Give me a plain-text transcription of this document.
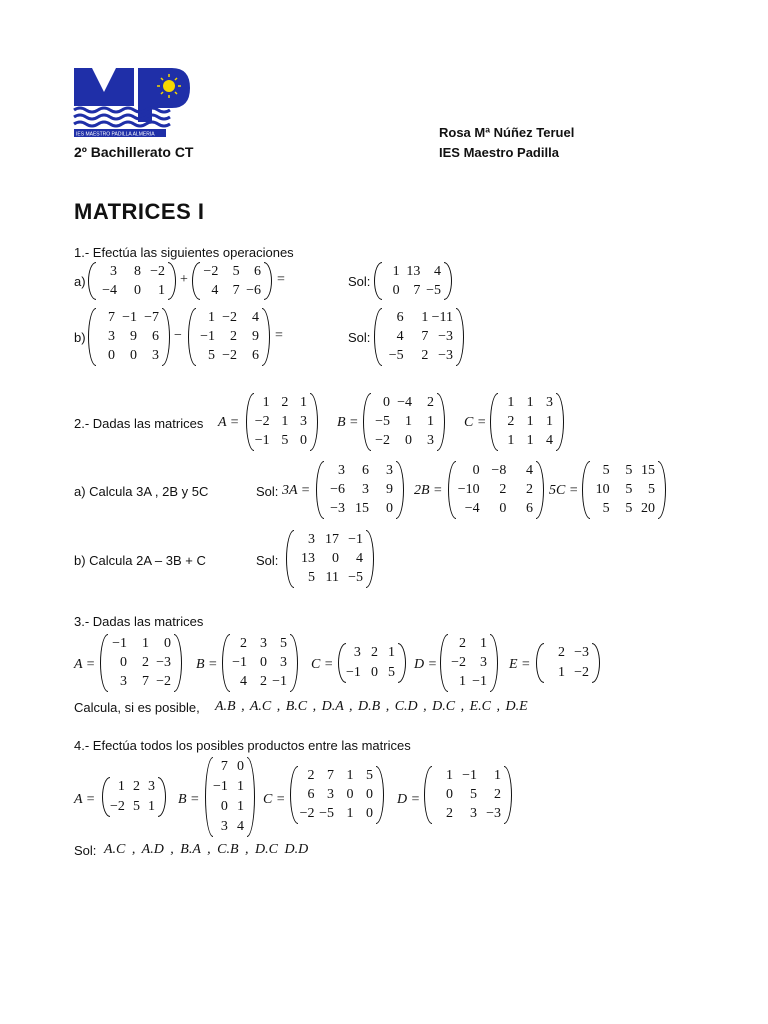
IES MAESTRO PADILLA ALMERIA	Rosa Mª Núñez Teruel
2º Bachillerato CT	IES Maestro Padilla
MATRICES I
1.- Efectúa las siguientes operaciones
a)
3 8 −2
−4 0 1
+
−2 5 6
4 7 −6
=	Sol:
1 13 4
0 7 −5
b)
7 −1 −7
3 9 6
0 0 3
−
1 −2 4
−1 2 9
5 −2 6
=	Sol:
6 1 −11
4 7 −3
−5 2 −3
2.- Dadas las matrices A =
1 2 1
−2 1 3
−1 5 0
B =
0 −4 2
−5 1 1
−2 0 3
C =
1 1 3
2 1 1
1 1 4
a) Calcula 3A , 2B y 5C	Sol: 3A =
3 6 3
−6 3 9
−3 15 0
2B =
0 −8 4
−10 2 2
−4 0 6
5C =
5 5 15
10 5 5
5 5 20
b) Calcula 2A – 3B + C	Sol:
3 17 −1
13 0 4
5 11 −5
3.- Dadas las matrices
A =
−1 1 0
0 2 −3
3 7 −2
B =
2 3 5
−1 0 3
4 2 −1
C =
3 2 1
−1 0 5
D =
2 1
−2 3
1 −1
E =
2 −3
1 −2
Calcula, si es posible, A.B , A.C , B.C , D.A , D.B , C.D , D.C , E.C , D.E
4.- Efectúa todos los posibles productos entre las matrices
A =
1 2 3
−2 5 1 B =
7 0
−1 1
0 1
3 4
C =
2 7 1 5
6 3 0 0
−2 −5 1 0
D =
1 −1 1
0 5 2
2 3 −3
Sol: A.C , A.D , B.A , C.B , D.C D.D
